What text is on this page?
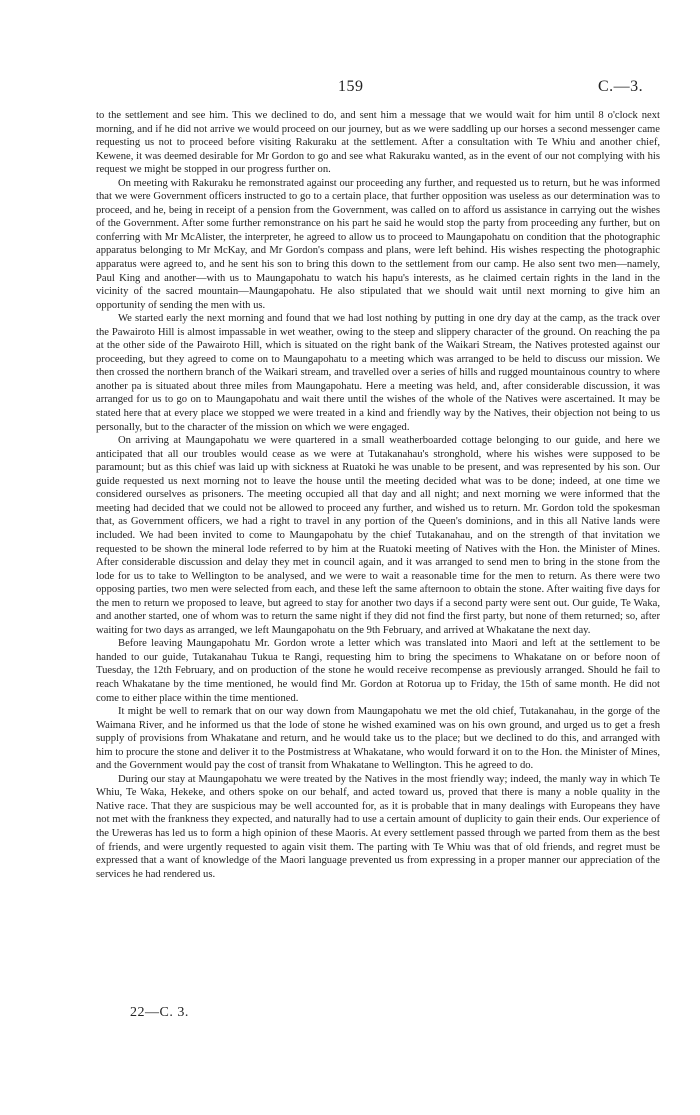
159	C.—3.

to the settlement and see him. This we declined to do, and sent him a message that we would wait for him until 8 o'clock next morning, and if he did not arrive we would proceed on our journey, but as we were saddling up our horses a second messenger came requesting us not to proceed before visiting Rakuraku at the settlement. After a consultation with Te Whiu and another chief, Kewene, it was deemed desirable for Mr Gordon to go and see what Rakuraku wanted, as in the event of our not complying with his request we might be stopped in our progress further on.

On meeting with Rakuraku he remonstrated against our proceeding any further, and requested us to return, but he was informed that we were Government officers instructed to go to a certain place, that further opposition was useless as our determination was to proceed, and he, being in receipt of a pension from the Government, was called on to afford us assistance in carrying out the wishes of the Government. After some further remonstrance on his part he said he would stop the party from proceeding any further, but on conferring with Mr McAlister, the interpreter, he agreed to allow us to proceed to Maungapohatu on condition that the photographic apparatus belonging to Mr McKay, and Mr Gordon's compass and plans, were left behind. His wishes respecting the photographic apparatus were agreed to, and he sent his son to bring this down to the settlement from our camp. He also sent two men—namely, Paul King and another—with us to Maungapohatu to watch his hapu's interests, as he claimed certain rights in the land in the vicinity of the sacred mountain—Maungapohatu. He also stipulated that we should wait until next morning to give him an opportunity of sending the men with us.

We started early the next morning and found that we had lost nothing by putting in one dry day at the camp, as the track over the Pawairoto Hill is almost impassable in wet weather, owing to the steep and slippery character of the ground. On reaching the pa at the other side of the Pawairoto Hill, which is situated on the right bank of the Waikari Stream, the Natives protested against our proceeding, but they agreed to come on to Maungapohatu to a meeting which was arranged to be held to discuss our mission. We then crossed the northern branch of the Waikari stream, and travelled over a series of hills and rugged mountainous country to where another pa is situated about three miles from Maungapohatu. Here a meeting was held, and, after considerable discussion, it was arranged for us to go on to Maungapohatu and wait there until the wishes of the whole of the Natives were ascertained. It may be stated here that at every place we stopped we were treated in a kind and friendly way by the Natives, their objection not being to us personally, but to the character of the mission on which we were engaged.

On arriving at Maungapohatu we were quartered in a small weatherboarded cottage belonging to our guide, and here we anticipated that all our troubles would cease as we were at Tutakanahau's stronghold, where his wishes were supposed to be paramount; but as this chief was laid up with sickness at Ruatoki he was unable to be present, and was represented by his son. Our guide requested us next morning not to leave the house until the meeting decided what was to be done; indeed, at one time we considered ourselves as prisoners. The meeting occupied all that day and all night; and next morning we were informed that the meeting had decided that we could not be allowed to proceed any further, and wished us to return. Mr. Gordon told the spokesman that, as Government officers, we had a right to travel in any portion of the Queen's dominions, and in this all Native lands were included. We had been invited to come to Maungapohatu by the chief Tutakanahau, and on the strength of that invitation we requested to be shown the mineral lode referred to by him at the Ruatoki meeting of Natives with the Hon. the Minister of Mines. After considerable discussion and delay they met in council again, and it was arranged to send men to bring in the stone from the lode for us to take to Wellington to be analysed, and we were to wait a reasonable time for the men to return. As there were two opposing parties, two men were selected from each, and these left the same afternoon to obtain the stone. After waiting five days for the men to return we proposed to leave, but agreed to stay for another two days if a second party were sent out. Our guide, Te Waka, and another started, one of whom was to return the same night if they did not find the first party, but none of them returned; so, after waiting for two days as arranged, we left Maungapohatu on the 9th February, and arrived at Whakatane the next day.

Before leaving Maungapohatu Mr. Gordon wrote a letter which was translated into Maori and left at the settlement to be handed to our guide, Tutakanahau Tukua te Rangi, requesting him to bring the specimens to Whakatane on or before noon of Tuesday, the 12th February, and on production of the stone he would receive recompense as previously arranged. Should he fail to reach Whakatane by the time mentioned, he would find Mr. Gordon at Rotorua up to Friday, the 15th of same month. He did not come to either place within the time mentioned.

It might be well to remark that on our way down from Maungapohatu we met the old chief, Tutakanahau, in the gorge of the Waimana River, and he informed us that the lode of stone he wished examined was on his own ground, and urged us to get a fresh supply of provisions from Whakatane and return, and he would take us to the place; but we declined to do this, and arranged with him to procure the stone and deliver it to the Postmistress at Whakatane, who would forward it on to the Hon. the Minister of Mines, and the Government would pay the cost of transit from Whakatane to Wellington. This he agreed to do.

During our stay at Maungapohatu we were treated by the Natives in the most friendly way; indeed, the manly way in which Te Whiu, Te Waka, Hekeke, and others spoke on our behalf, and acted toward us, proved that there is many a noble quality in the Native race. That they are suspicious may be well accounted for, as it is probable that in many dealings with Europeans they have not met with the frankness they expected, and naturally had to use a certain amount of duplicity to gain their ends. Our experience of the Ureweras has led us to form a high opinion of these Maoris. At every settlement passed through we parted from them as the best of friends, and were urgently requested to again visit them. The parting with Te Whiu was that of old friends, and regret must be expressed that a want of knowledge of the Maori language prevented us from expressing in a proper manner our appreciation of the services he had rendered us.

22—C. 3.
